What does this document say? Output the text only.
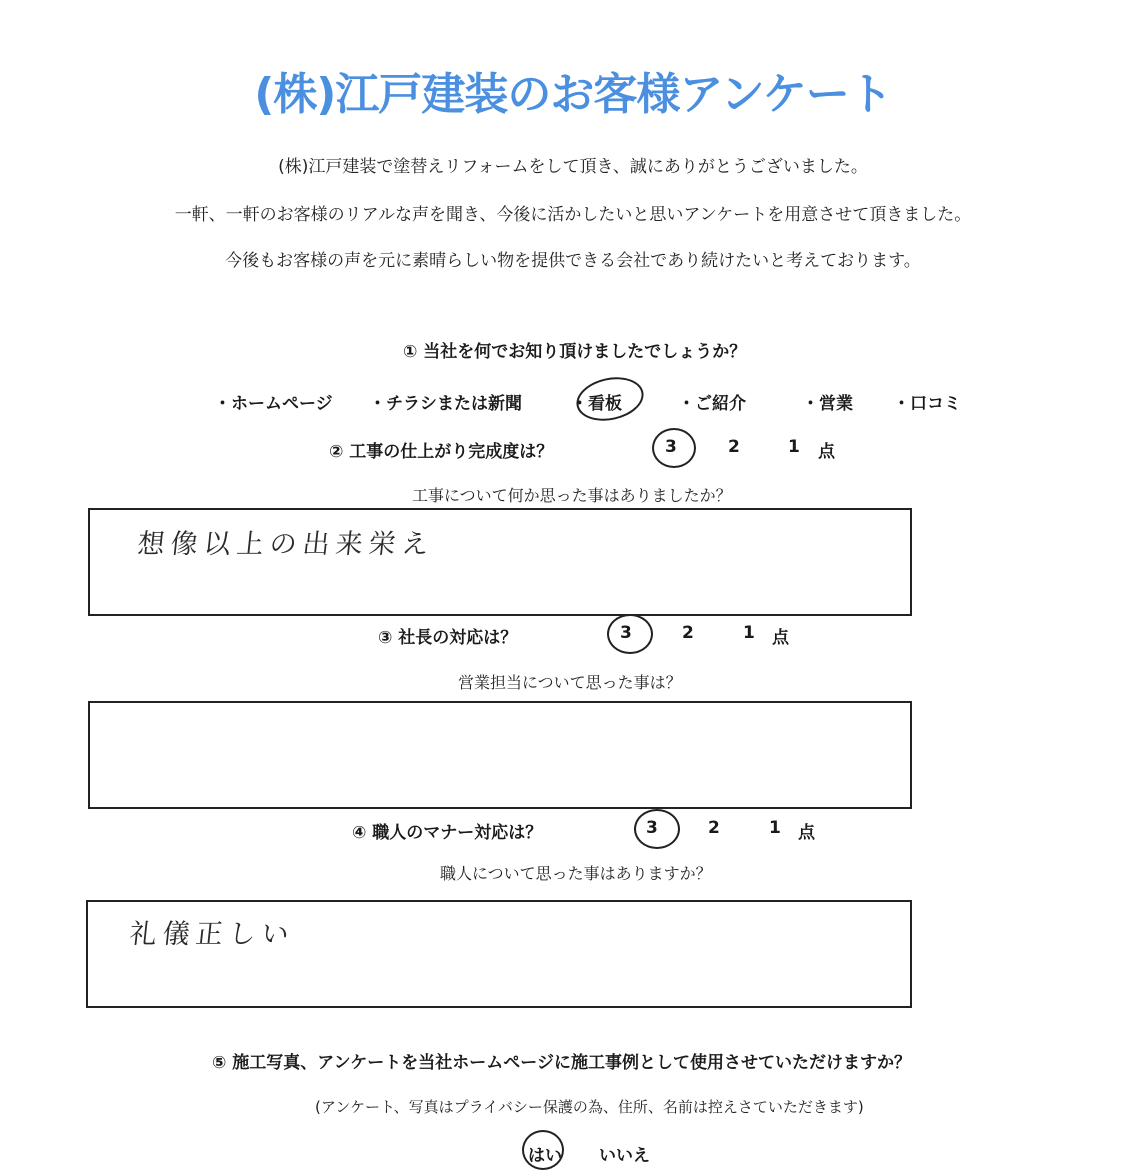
(株)江戸建装のお客様アンケート
(株)江戸建装で塗替えリフォームをして頂き、誠にありがとうございました。
一軒、一軒のお客様のリアルな声を聞き、今後に活かしたいと思いアンケートを用意させて頂きました。
今後もお客様の声を元に素晴らしい物を提供できる会社であり続けたいと考えております。
① 当社を何でお知り頂けましたでしょうか？
・ホームページ ・チラシまたは新聞	・看板	・ご紹介	・営業 ・口コミ
② 工事の仕上がり完成度は？	3	2	1 点
工事について何か思った事はありましたか？
想像以上の出来栄え
③ 社長の対応は？	3	2	1 点
営業担当について思った事は？
④ 職人のマナー対応は？	3	2	1 点
職人について思った事はありますか？
礼儀正しい
⑤ 施工写真、アンケートを当社ホームページに施工事例として使用させていただけますか？
(アンケート、写真はプライバシー保護の為、住所、名前は控えさていただきます)
はい いいえ
